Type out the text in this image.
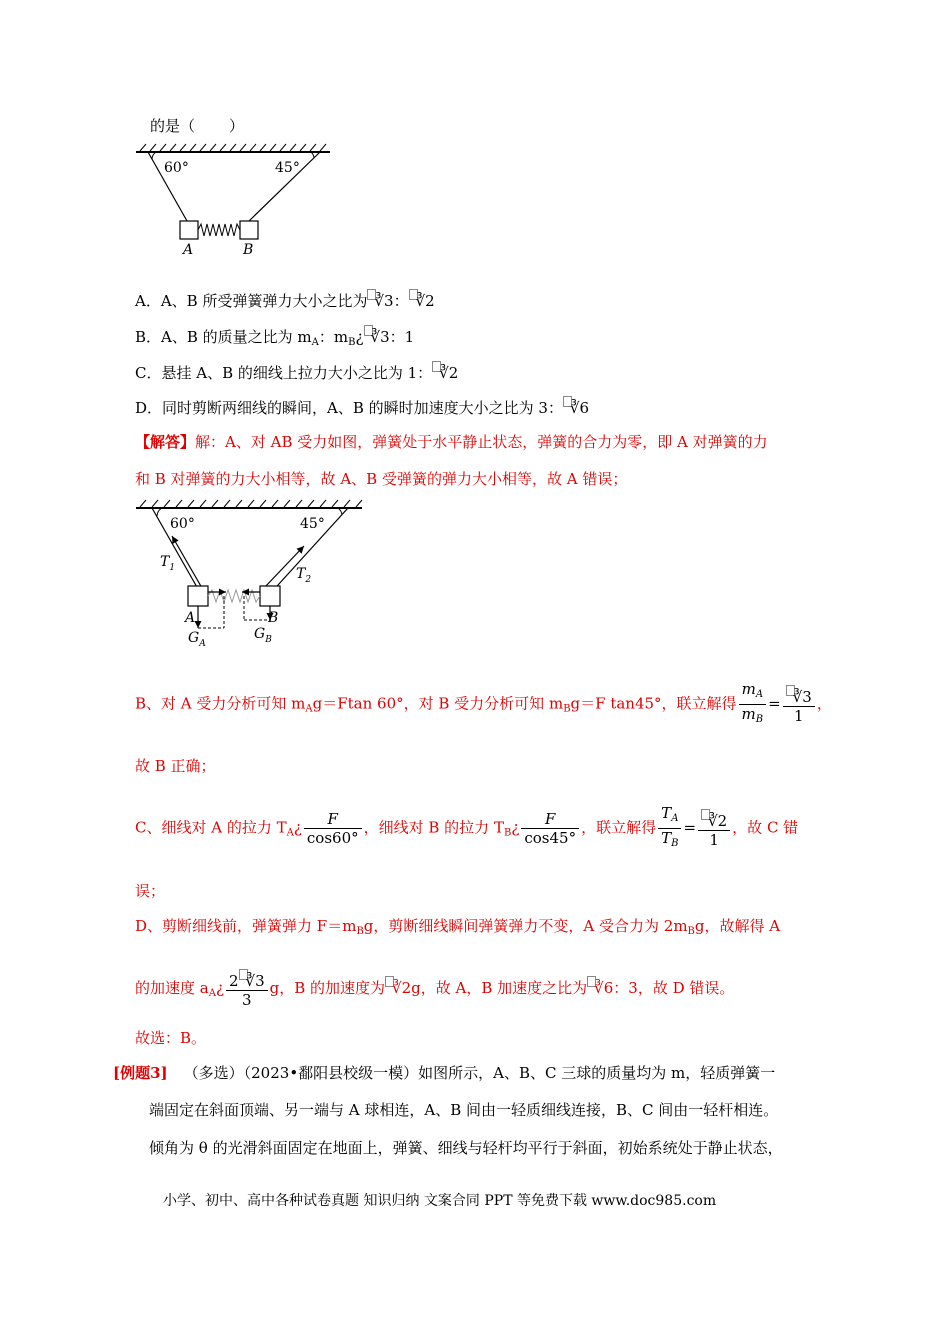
的是（ ）
60°	45°
A	B
A．A、B 所受弹簧弹力大小之比为 ∛3： ∛2
B．A、B 的质量之比为 $m_A$：$m_B¿$ ∛3：1
C．悬挂 A、B 的细线上拉力大小之比为 1： ∛2
D．同时剪断两细线的瞬间，A、B 的瞬时加速度大小之比为 3： ∛6
【解答】解：A、对 AB 受力如图，弹簧处于水平静止状态，弹簧的合力为零，即 A 对弹簧的力
和 B 对弹簧的力大小相等，故 A、B 受弹簧的弹力大小相等，故 A 错误；
60°	45°
$T_1$	$T_2$
A	B
$G_A$
$G_B$
B、对 A 受力分析可知 $m_Ag=Ftan$ 60°，对 B 受力分析可知 $m_Bg=F$ tan45°，联立解得 $\frac{m_A}{m_B} = \frac{∛3}{1}$ ，
故 B 正确；
C、细线对 A 的拉力 $T_A¿ \frac{F}{\cos 60^\circ}$ ，细线对 B 的拉力 $T_B¿ \frac{F}{\cos 45^\circ}$ ，联立解得 $\frac{T_A}{T_B} = \frac{∛2}{1}$ ，故 C 错
误；
D、剪断细线前，弹簧弹力 $F=m_Bg$，剪断细线瞬间弹簧弹力不变，A 受合力为 $2m_Bg$，故解得 A
的加速度 $a_A¿ \frac{2 ∛3}{3}$ g，B 的加速度为 ∛2g，故 A，B 加速度之比为 ∛6：3，故 D 错误。
故选：B。
[例题3] （多选）（2023•鄱阳县校级一模）如图所示，A、B、C 三球的质量均为 m，轻质弹簧一
端固定在斜面顶端、另一端与 A 球相连，A、B 间由一轻质细线连接，B、C 间由一轻杆相连。
倾角为 θ 的光滑斜面固定在地面上，弹簧、细线与轻杆均平行于斜面，初始系统处于静止状态，
小学、初中、高中各种试卷真题 知识归纳 文案合同 PPT 等免费下载 www.doc985.com
